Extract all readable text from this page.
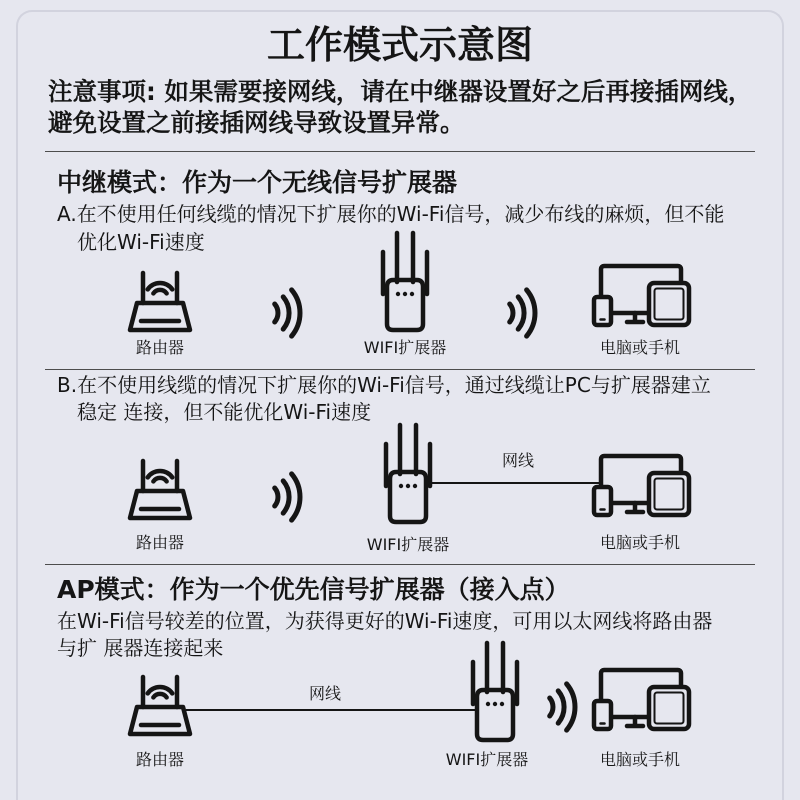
工作模式示意图
注意事项: 如果需要接网线，请在中继器设置好之后再接插网线，
避免设置之前接插网线导致设置异常。
中继模式：作为一个无线信号扩展器
A.在不使用任何线缆的情况下扩展你的Wi-Fi信号，减少布线的麻烦，但不能
优化Wi-Fi速度
路由器	WIFI扩展器	电脑或手机
B.在不使用线缆的情况下扩展你的Wi-Fi信号，通过线缆让PC与扩展器建立
稳定 连接，但不能优化Wi-Fi速度
网线
路由器	WIFI扩展器	电脑或手机
AP模式：作为一个优先信号扩展器（接入点）
在Wi-Fi信号较差的位置，为获得更好的Wi-Fi速度，可用以太网线将路由器
与扩 展器连接起来
网线
路由器	WIFI扩展器	电脑或手机
